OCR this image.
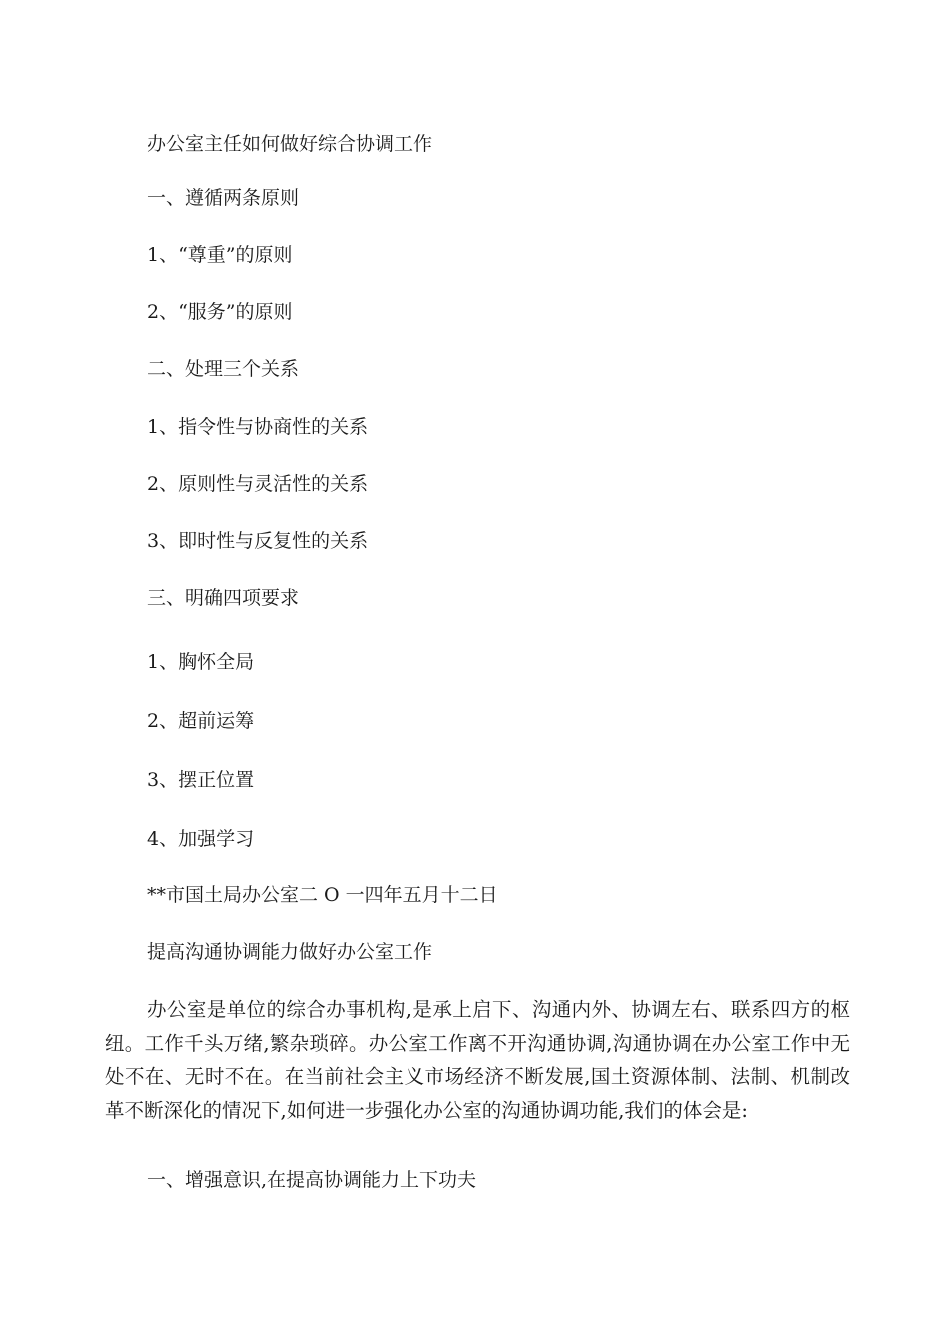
办公室主任如何做好综合协调工作
一、遵循两条原则
1、“尊重”的原则
2、“服务”的原则
二、处理三个关系
1、指令性与协商性的关系
2、原则性与灵活性的关系
3、即时性与反复性的关系
三、明确四项要求
1、胸怀全局
2、超前运筹
3、摆正位置
4、加强学习
**市国土局办公室二 O 一四年五月十二日
提高沟通协调能力做好办公室工作
办公室是单位的综合办事机构,是承上启下、沟通内外、协调左右、联系四方的枢纽。工作千头万绪,繁杂琐碎。办公室工作离不开沟通协调,沟通协调在办公室工作中无处不在、无时不在。在当前社会主义市场经济不断发展,国土资源体制、法制、机制改革不断深化的情况下,如何进一步强化办公室的沟通协调功能,我们的体会是:
一、增强意识,在提高协调能力上下功夫
